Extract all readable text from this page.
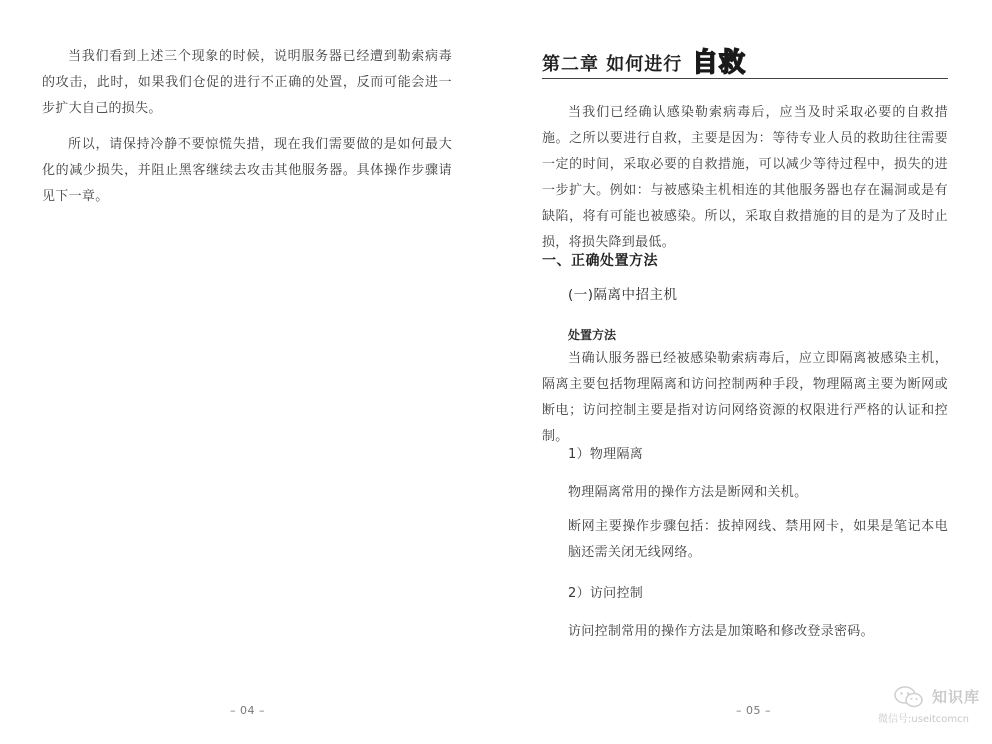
当我们看到上述三个现象的时候，说明服务器已经遭到勒索病毒的攻击，此时，如果我们仓促的进行不正确的处置，反而可能会进一步扩大自己的损失。

所以，请保持冷静不要惊慌失措，现在我们需要做的是如何最大化的减少损失，并阻止黑客继续去攻击其他服务器。具体操作步骤请见下一章。

– 04 –
第二章 如何进行 自救

当我们已经确认感染勒索病毒后，应当及时采取必要的自救措施。之所以要进行自救，主要是因为：等待专业人员的救助往往需要一定的时间，采取必要的自救措施，可以减少等待过程中，损失的进一步扩大。例如：与被感染主机相连的其他服务器也存在漏洞或是有缺陷，将有可能也被感染。所以，采取自救措施的目的是为了及时止损，将损失降到最低。

一、正确处置方法
(一)隔离中招主机
处置方法

当确认服务器已经被感染勒索病毒后，应立即隔离被感染主机，隔离主要包括物理隔离和访问控制两种手段，物理隔离主要为断网或断电；访问控制主要是指对访问网络资源的权限进行严格的认证和控制。

1）物理隔离
物理隔离常用的操作方法是断网和关机。

断网主要操作步骤包括：拔掉网线、禁用网卡，如果是笔记本电脑还需关闭无线网络。

2）访问控制
访问控制常用的操作方法是加策略和修改登录密码。
– 05 –
知识库
微信号:useitcomcn
